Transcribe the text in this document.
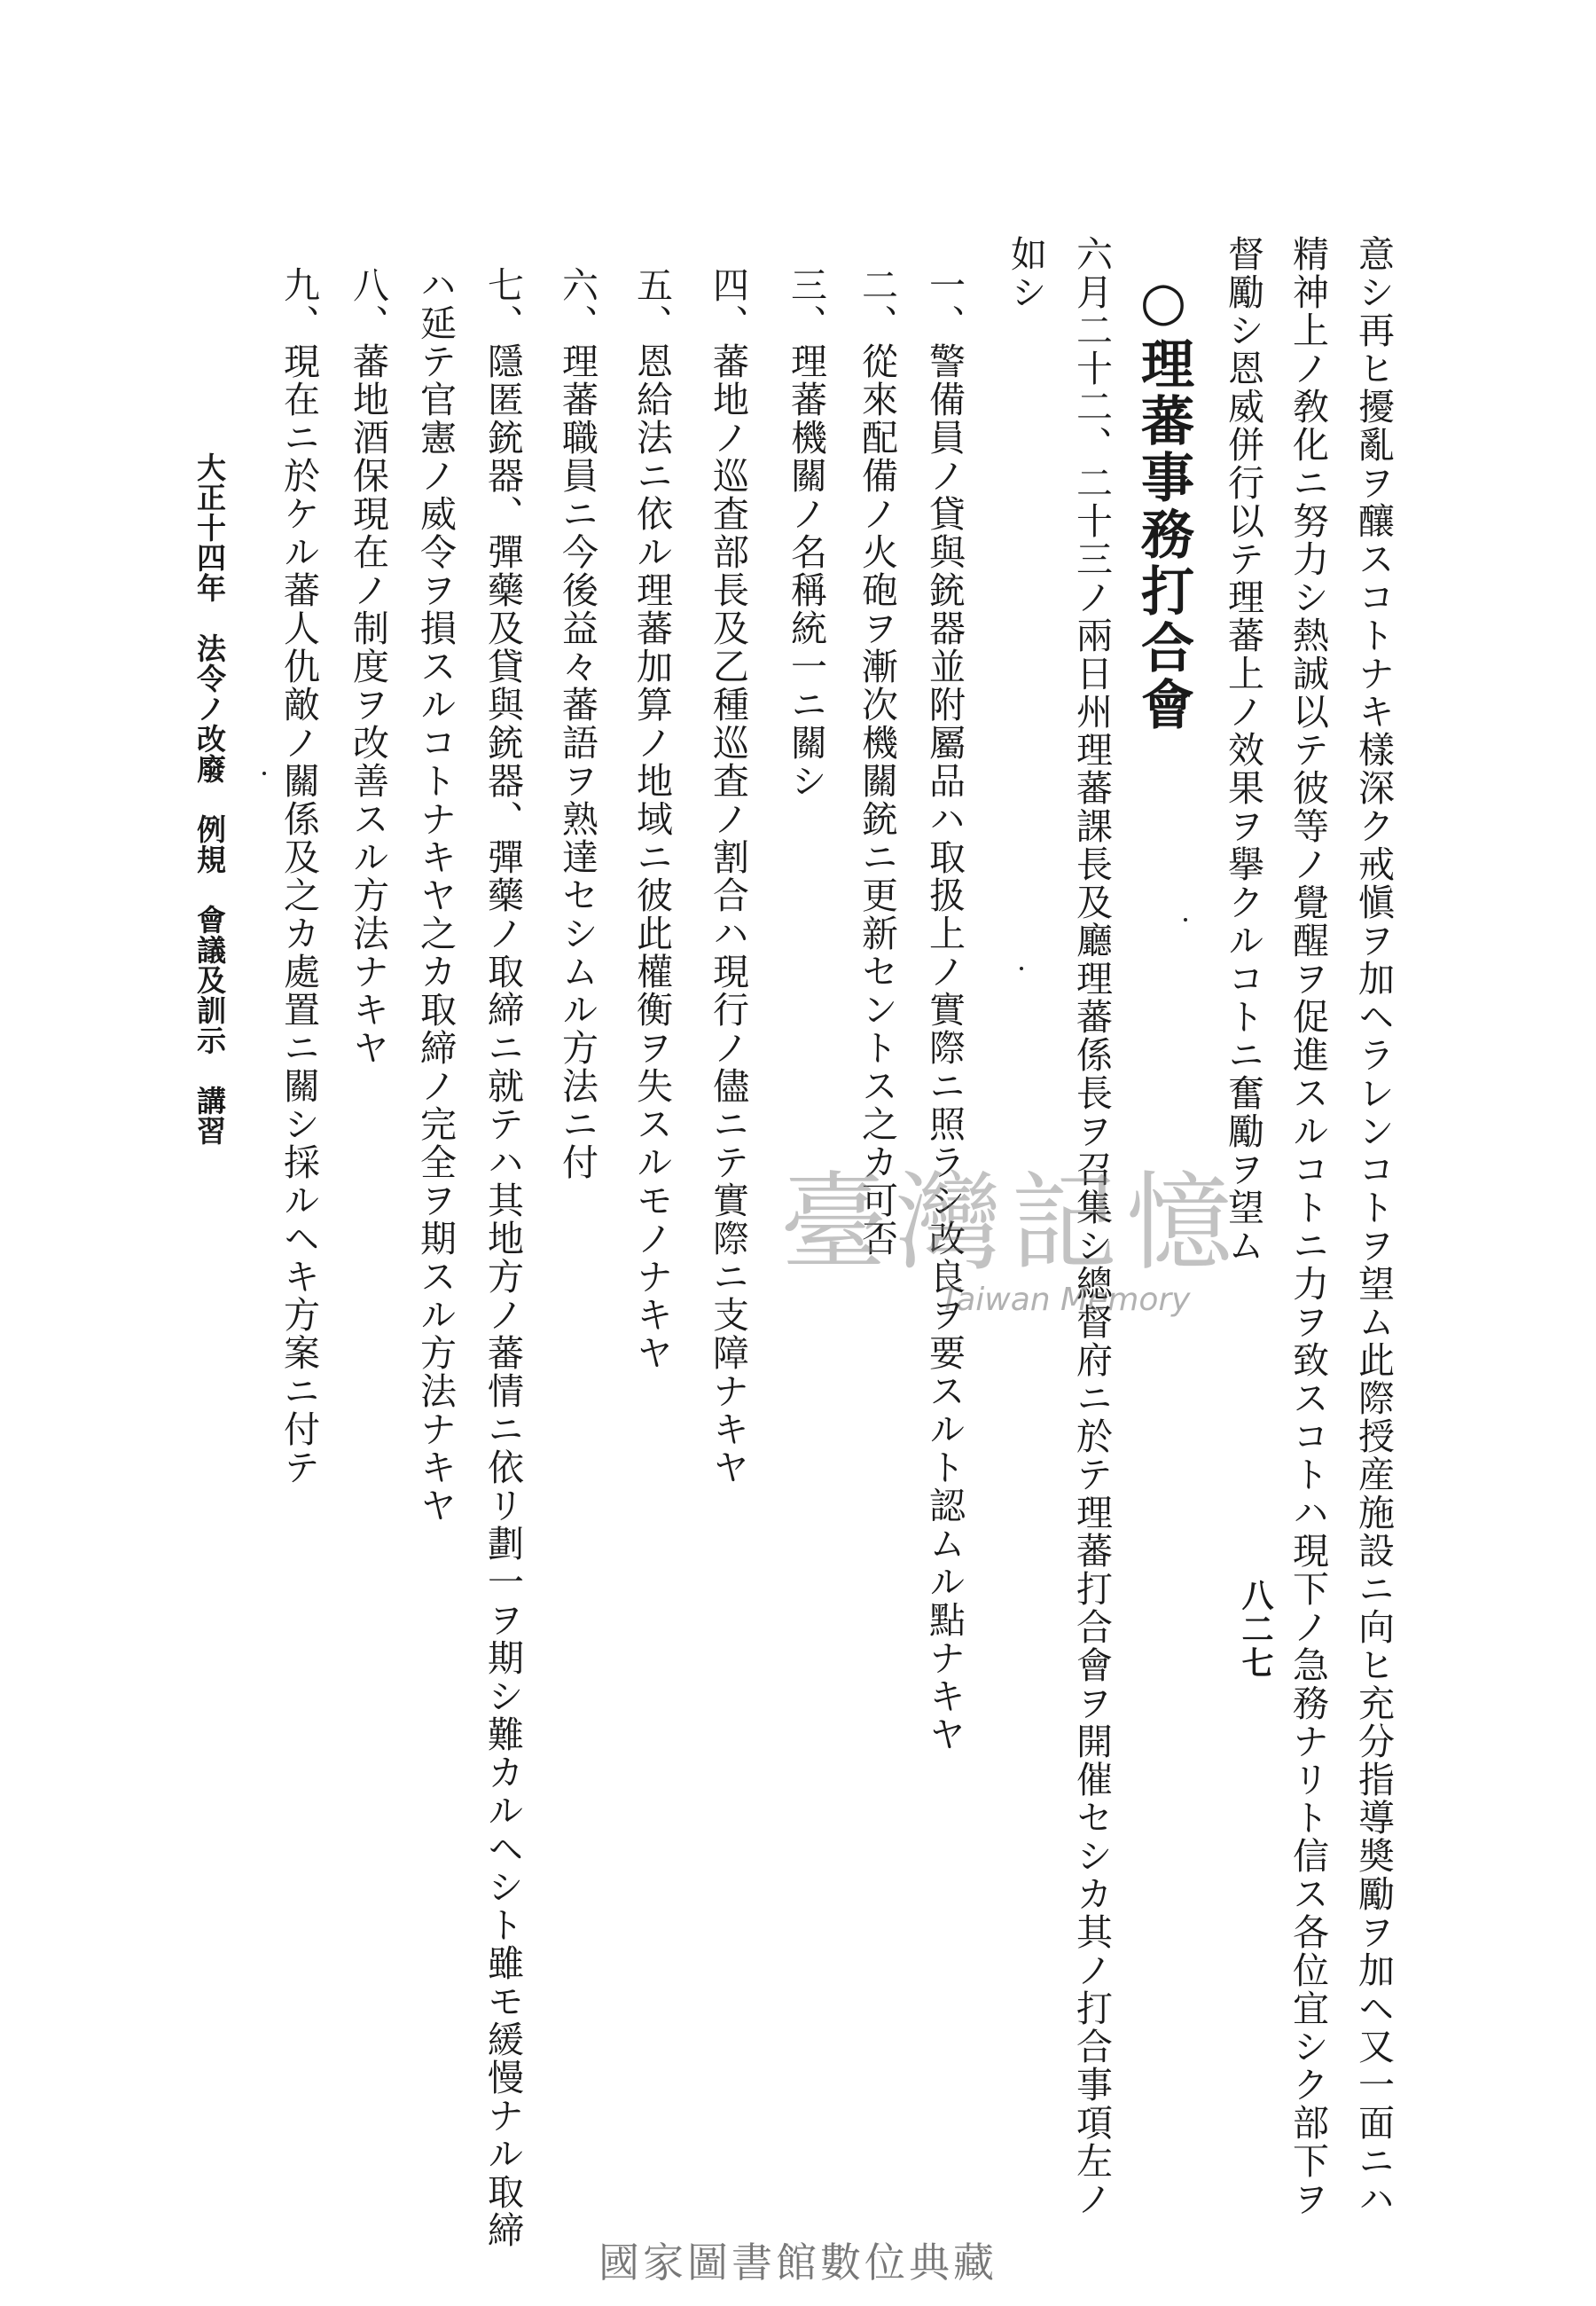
八二七 意シ再ヒ擾亂ヲ釀スコトナキ樣深ク戒愼ヲ加ヘラレンコトヲ望ム此際授産施設ニ向ヒ充分指導奬勵ヲ加ヘ又一面ニハ
精神上ノ敎化ニ努力シ熱誠以テ彼等ノ覺醒ヲ促進スルコトニ力ヲ致スコトハ現下ノ急務ナリト信ス各位宜シク部下ヲ
督勵シ恩威併行以テ理蕃上ノ效果ヲ擧クルコトニ奮勵ヲ望ム
○理蕃事務打合會
六月二十二、二十三ノ兩日州理蕃課長及廳理蕃係長ヲ召集シ總督府ニ於テ理蕃打合會ヲ開催セシカ其ノ打合事項左ノ
如シ
一、警備員ノ貸與銃器並附屬品ハ取扱上ノ實際ニ照ラシ改良ヲ要スルト認ムル點ナキヤ
二、從來配備ノ火砲ヲ漸次機關銃ニ更新セントス之カ可否
三、理蕃機關ノ名稱統一ニ關シ
四、蕃地ノ巡査部長及乙種巡査ノ割合ハ現行ノ儘ニテ實際ニ支障ナキヤ
五、恩給法ニ依ル理蕃加算ノ地域ニ彼此權衡ヲ失スルモノナキヤ
六、理蕃職員ニ今後益々蕃語ヲ熟達セシムル方法ニ付
七、隱匿銃器、彈藥及貸與銃器、彈藥ノ取締ニ就テハ其地方ノ蕃情ニ依リ劃一ヲ期シ難カルヘシト雖モ緩慢ナル取締
ハ延テ官憲ノ威令ヲ損スルコトナキヤ之カ取締ノ完全ヲ期スル方法ナキヤ
八、蕃地酒保現在ノ制度ヲ改善スル方法ナキヤ
九、現在ニ於ケル蕃人仇敵ノ關係及之カ處置ニ關シ採ルヘキ方案ニ付テ
大正十四年　法令ノ改廢　例規　會議及訓示　講習
臺灣記憶
Taiwan Memory
國家圖書館數位典藏
